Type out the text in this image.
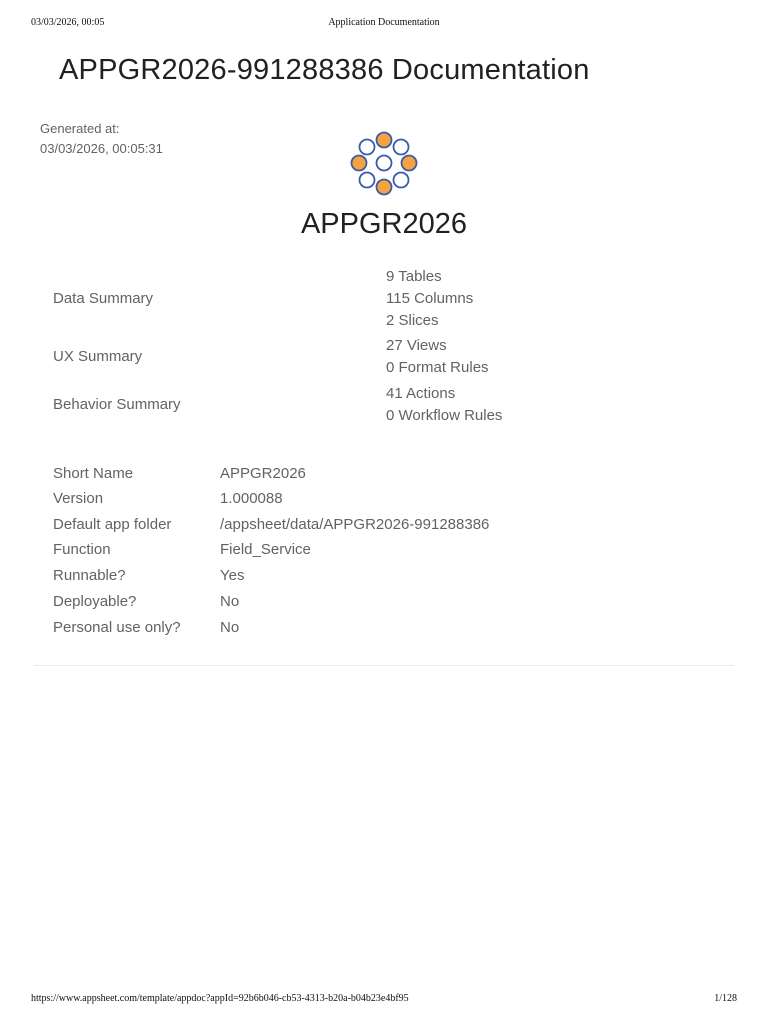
03/03/2026, 00:05	Application Documentation
APPGR2026-991288386 Documentation
Generated at:
03/03/2026, 00:05:31
APPGR2026
Data Summary
9 Tables
115 Columns
2 Slices
UX Summary
27 Views
0 Format Rules
Behavior Summary
41 Actions
0 Workflow Rules
Short Name	APPGR2026
Version	1.000088
Default app folder	/appsheet/data/APPGR2026-991288386
Function	Field_Service
Runnable?	Yes
Deployable?	No
Personal use only?	No
https://www.appsheet.com/template/appdoc?appId=92b6b046-cb53-4313-b20a-b04b23e4bf95	1/128
